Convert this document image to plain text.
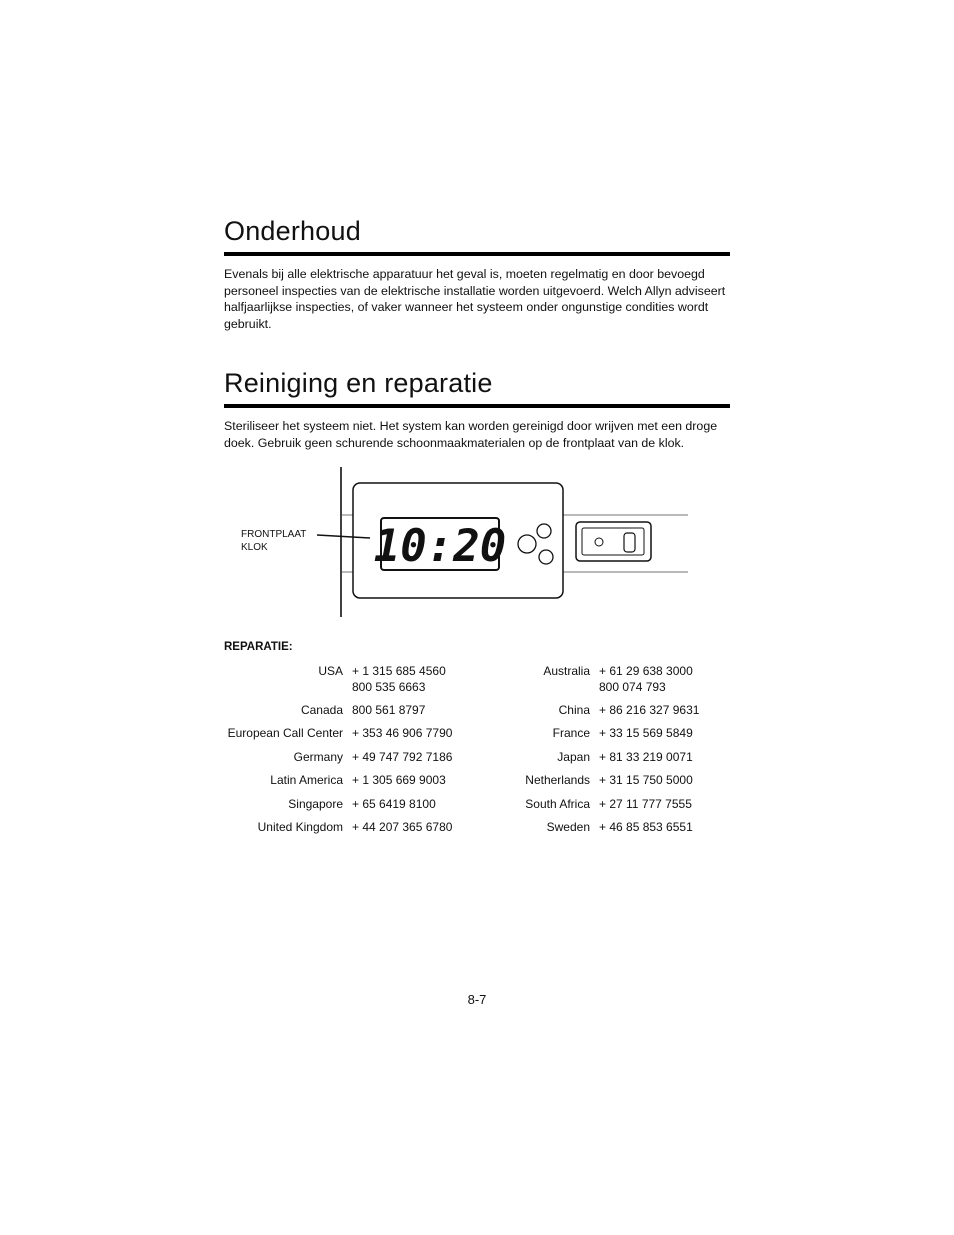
Onderhoud

Evenals bij alle elektrische apparatuur het geval is, moeten regelmatig en door bevoegd personeel inspecties van de elektrische installatie worden uitgevoerd. Welch Allyn adviseert halfjaarlijkse inspecties, of vaker wanneer het systeem onder ongunstige condities wordt gebruikt.

Reiniging en reparatie

Steriliseer het systeem niet. Het system kan worden gereinigd door wrijven met een droge doek. Gebruik geen schurende schoonmaakmaterialen op de frontplaat van de klok.

10:20
FRONTPLAAT
KLOK
REPARATIE:
USA + 1 315 685 4560
800 535 6663
Canada 800 561 8797
European Call Center + 353 46 906 7790
Germany + 49 747 792 7186
Latin America + 1 305 669 9003
Singapore + 65 6419 8100
United Kingdom + 44 207 365 6780
Australia + 61 29 638 3000
800 074 793
China + 86 216 327 9631
France + 33 15 569 5849
Japan + 81 33 219 0071
Netherlands + 31 15 750 5000
South Africa + 27 11 777 7555
Sweden + 46 85 853 6551
8-7
